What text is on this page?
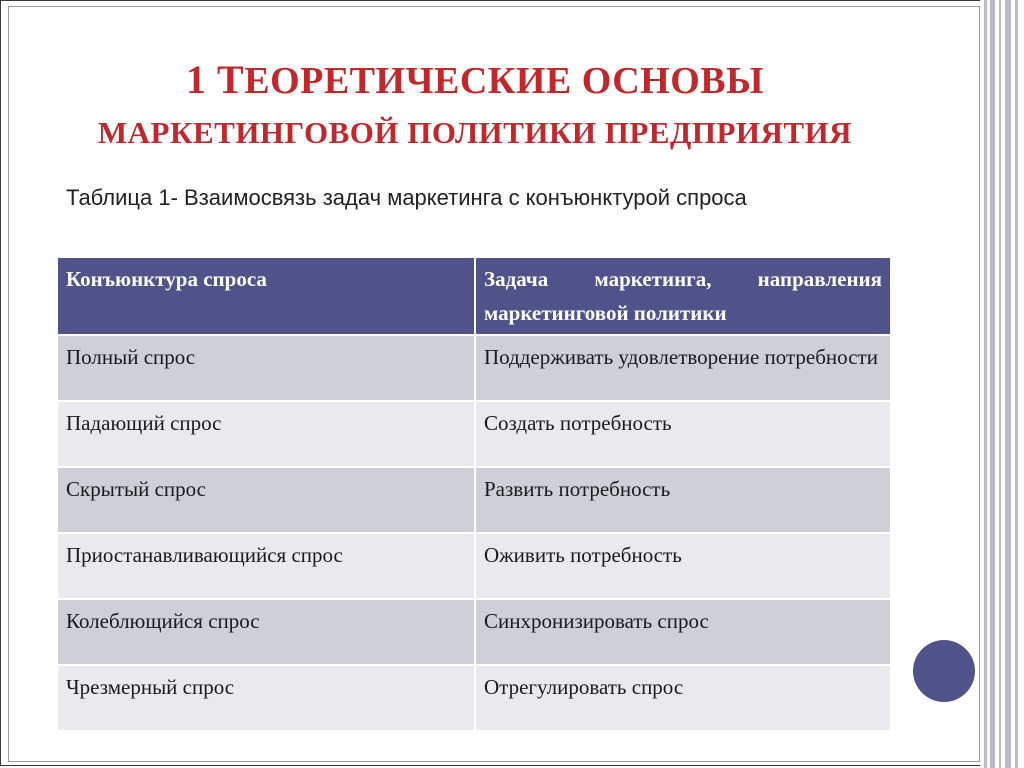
1 ТЕОРЕТИЧЕСКИЕ ОСНОВЫ
МАРКЕТИНГОВОЙ ПОЛИТИКИ ПРЕДПРИЯТИЯ
Таблица 1- Взаимосвязь задач маркетинга с конъюнктурой спроса
Конъюнктура спроса	Задача маркетинга, направления маркетинговой политики
Полный спрос	Поддерживать удовлетворение потребности
Падающий спрос	Создать потребность
Скрытый спрос	Развить потребность
Приостанавливающийся спрос	Оживить потребность
Колеблющийся спрос	Синхронизировать спрос
Чрезмерный спрос	Отрегулировать спрос
